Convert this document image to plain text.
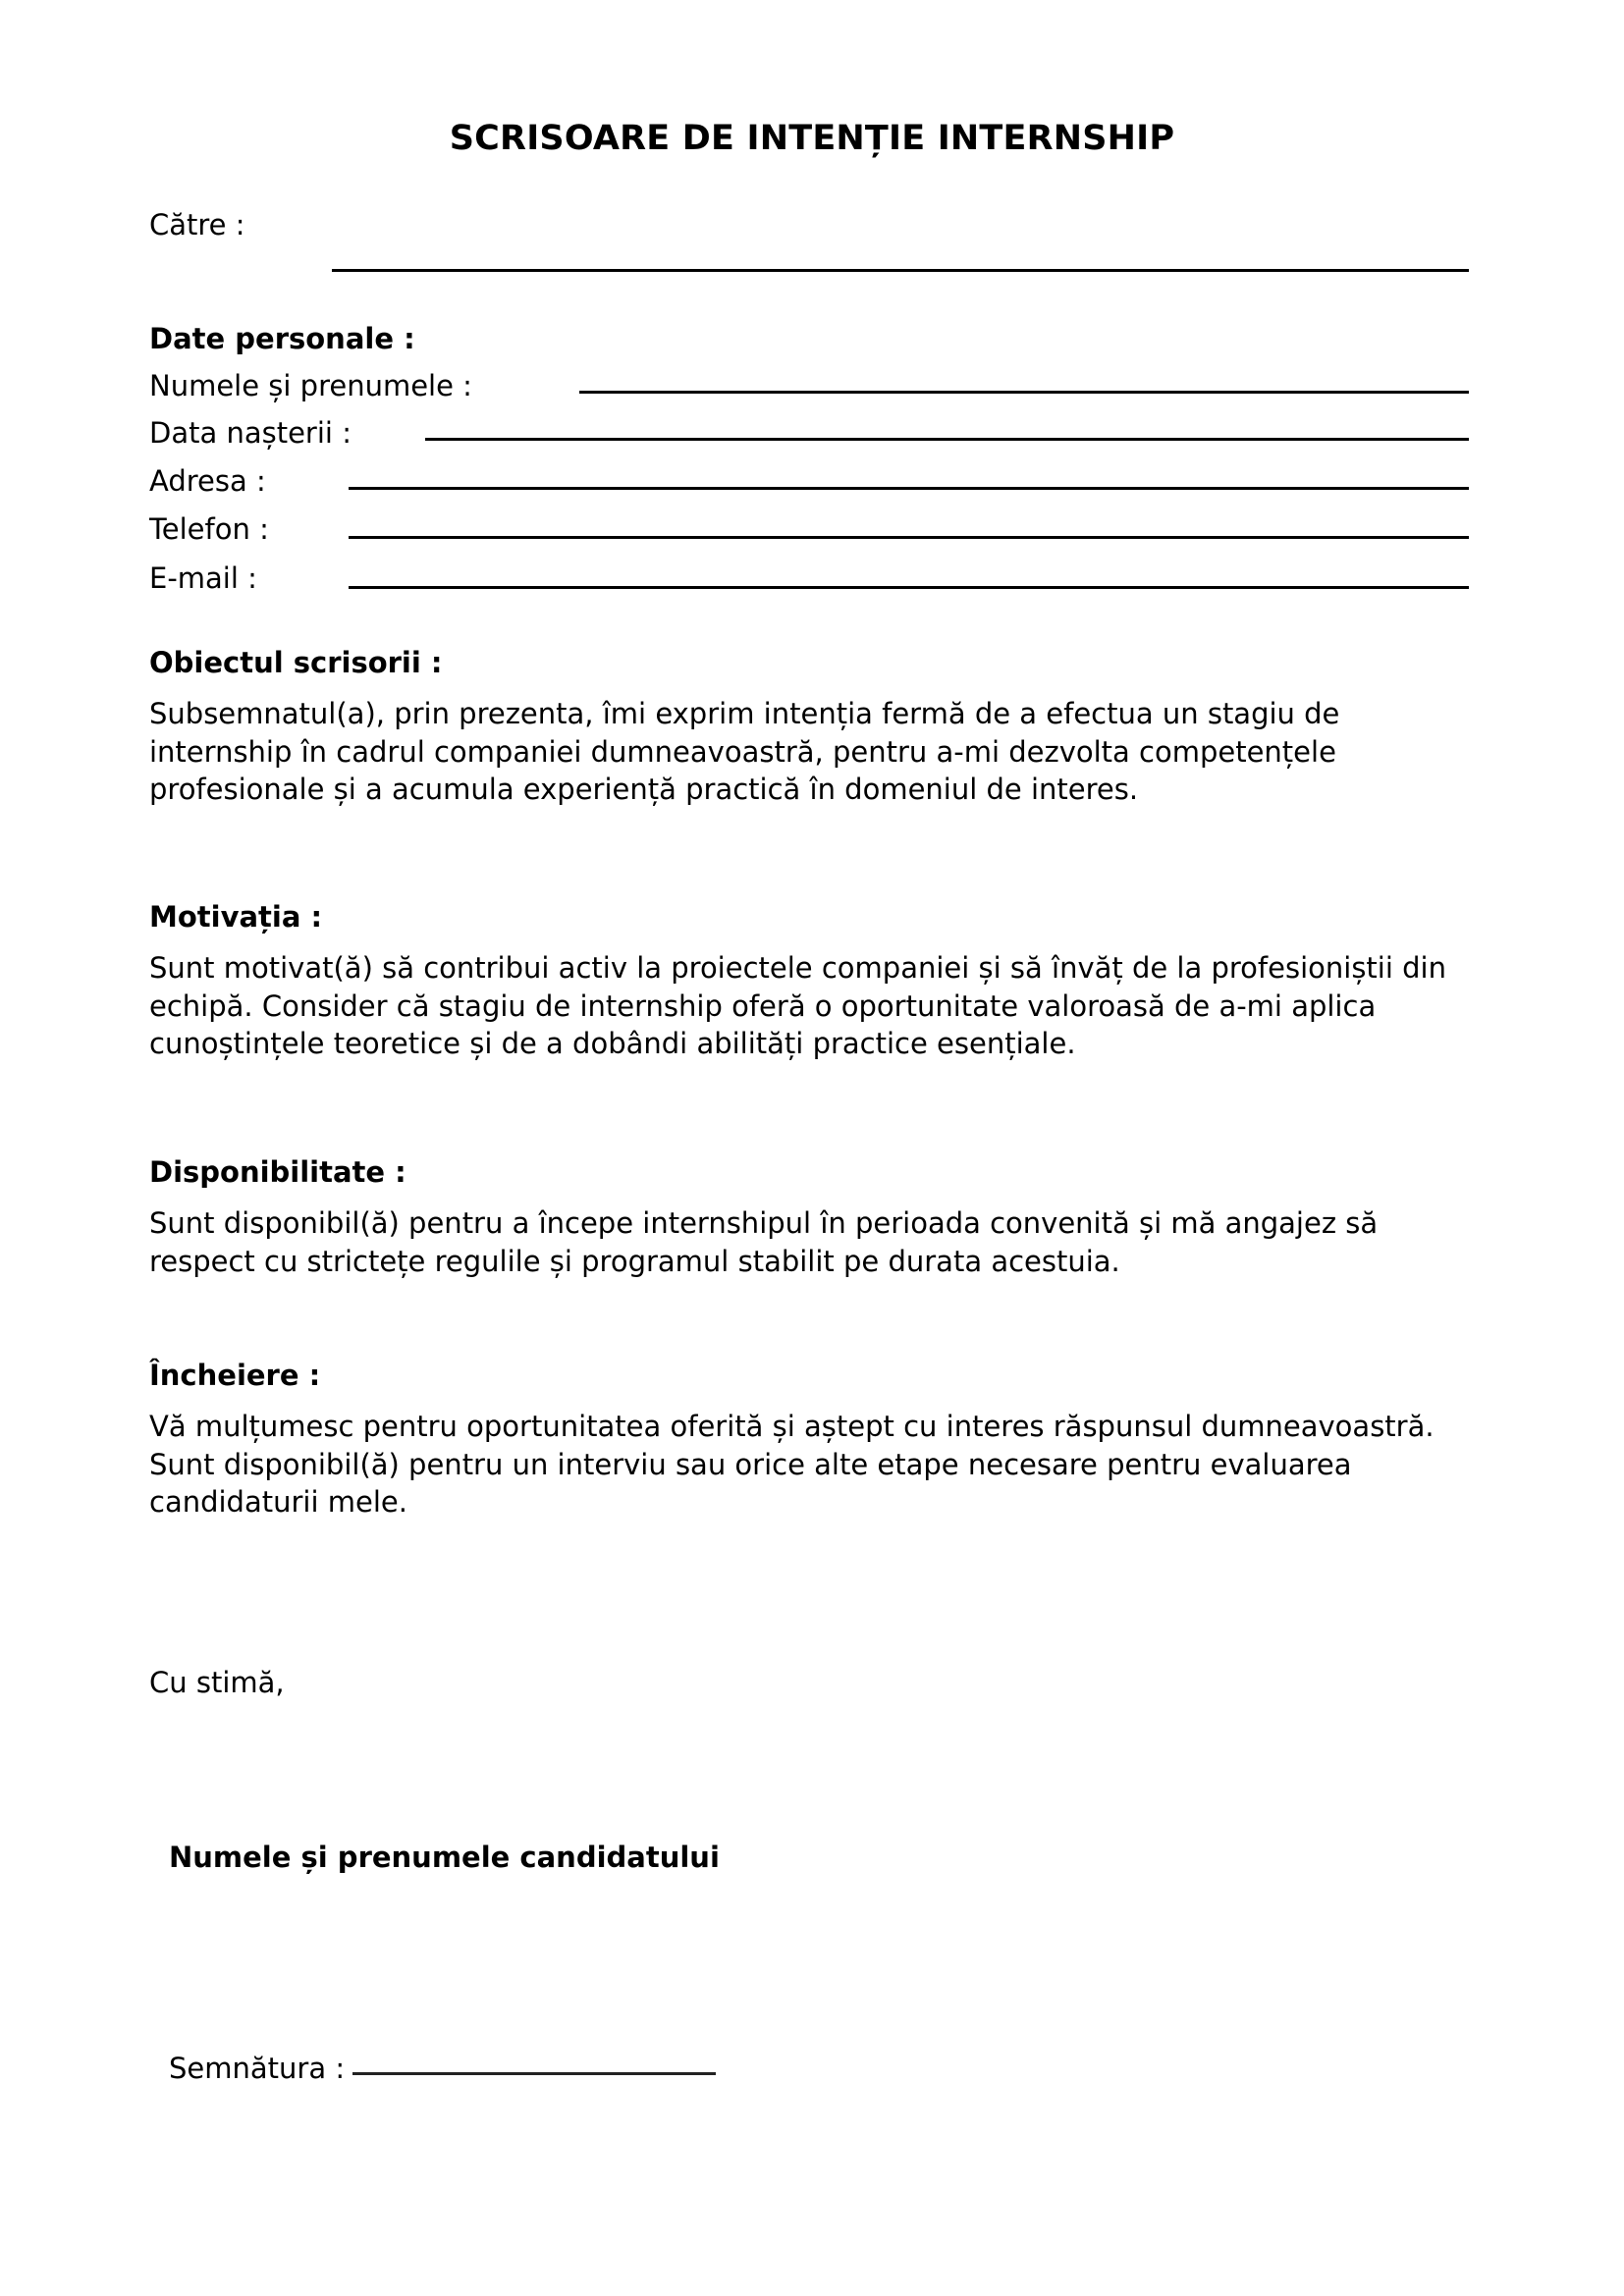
SCRISOARE DE INTENȚIE INTERNSHIP
Către :
Date personale :
Numele și prenumele :
Data nașterii :
Adresa :
Telefon :
E-mail :
Obiectul scrisorii :
Subsemnatul(a), prin prezenta, îmi exprim intenția fermă de a efectua un stagiu de internship în cadrul companiei dumneavoastră, pentru a-mi dezvolta competențele profesionale și a acumula experiență practică în domeniul de interes.
Motivația :
Sunt motivat(ă) să contribui activ la proiectele companiei și să învăț de la profesioniștii din echipă. Consider că stagiu de internship oferă o oportunitate valoroasă de a-mi aplica cunoștințele teoretice și de a dobândi abilități practice esențiale.
Disponibilitate :
Sunt disponibil(ă) pentru a începe internshipul în perioada convenită și mă angajez să respect cu strictețe regulile și programul stabilit pe durata acestuia.
Încheiere :
Vă mulțumesc pentru oportunitatea oferită și aștept cu interes răspunsul dumneavoastră. Sunt disponibil(ă) pentru un interviu sau orice alte etape necesare pentru evaluarea candidaturii mele.
Cu stimă,
Numele și prenumele candidatului
Semnătura :
